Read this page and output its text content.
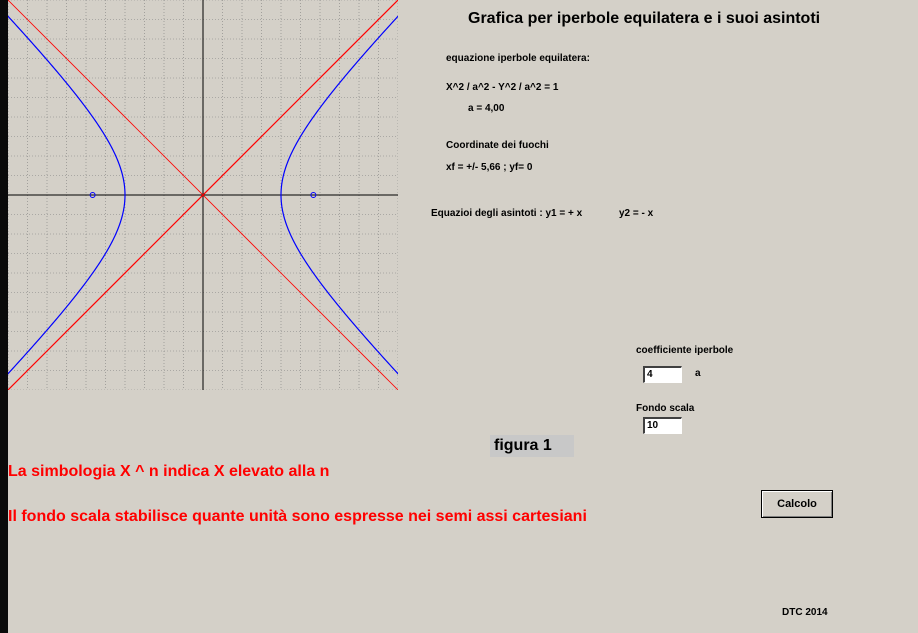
Grafica per iperbole equilatera e i suoi asintoti

equazione iperbole equilatera:

X^2 / a^2 - Y^2 / a^2 = 1

a = 4,00

Coordinate dei fuochi

xf = +/- 5,66 ; yf= 0

Equazioi degli asintoti : y1 = + x	y2 = - x

coefficiente iperbole

4	a

Fondo scala

10
figura 1

La simbologia X ^ n indica X elevato alla n

Il fondo scala stabilisce quante unità sono espresse nei semi assi cartesiani

Calcolo

DTC 2014
